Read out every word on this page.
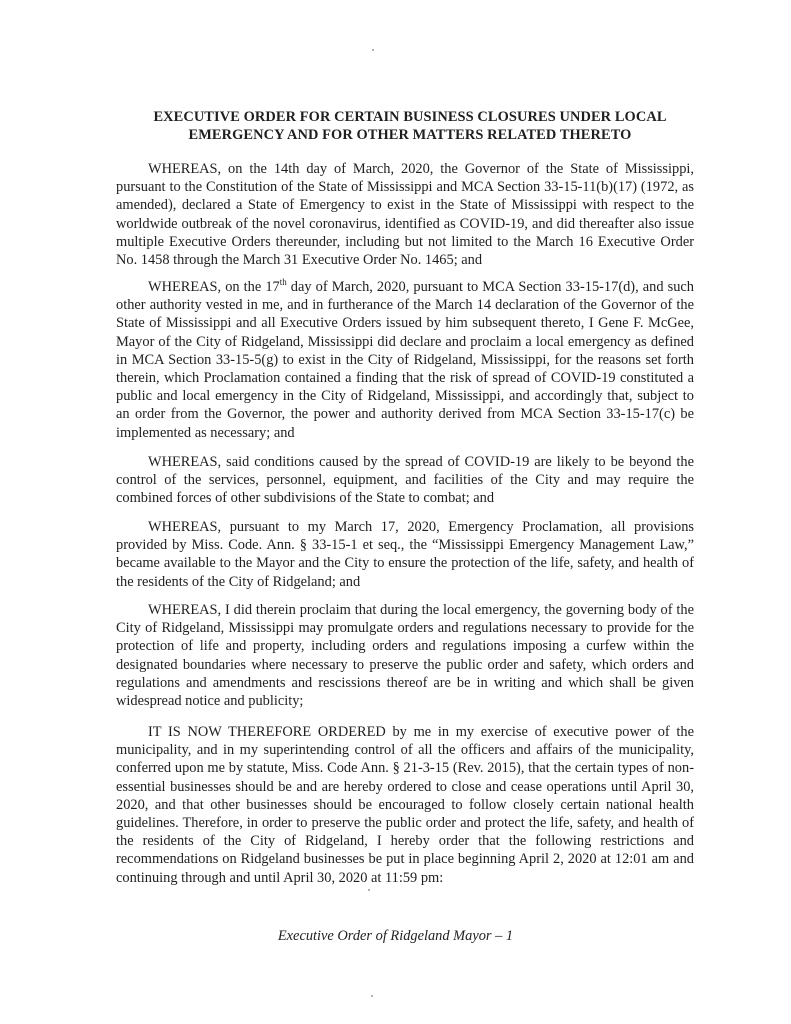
EXECUTIVE ORDER FOR CERTAIN BUSINESS CLOSURES UNDER LOCAL
EMERGENCY AND FOR OTHER MATTERS RELATED THERETO

WHEREAS, on the 14th day of March, 2020, the Governor of the State of Mississippi, pursuant to the Constitution of the State of Mississippi and MCA Section 33-15-11(b)(17) (1972, as amended), declared a State of Emergency to exist in the State of Mississippi with respect to the worldwide outbreak of the novel coronavirus, identified as COVID-19, and did thereafter also issue multiple Executive Orders thereunder, including but not limited to the March 16 Executive Order No. 1458 through the March 31 Executive Order No. 1465; and

WHEREAS, on the 17th day of March, 2020, pursuant to MCA Section 33-15-17(d), and such other authority vested in me, and in furtherance of the March 14 declaration of the Governor of the State of Mississippi and all Executive Orders issued by him subsequent thereto, I Gene F. McGee, Mayor of the City of Ridgeland, Mississippi did declare and proclaim a local emergency as defined in MCA Section 33-15-5(g) to exist in the City of Ridgeland, Mississippi, for the reasons set forth therein, which Proclamation contained a finding that the risk of spread of COVID-19 constituted a public and local emergency in the City of Ridgeland, Mississippi, and accordingly that, subject to an order from the Governor, the power and authority derived from MCA Section 33-15-17(c) be implemented as necessary; and

WHEREAS, said conditions caused by the spread of COVID-19 are likely to be beyond the control of the services, personnel, equipment, and facilities of the City and may require the combined forces of other subdivisions of the State to combat; and

WHEREAS, pursuant to my March 17, 2020, Emergency Proclamation, all provisions provided by Miss. Code. Ann. § 33-15-1 et seq., the “Mississippi Emergency Management Law,” became available to the Mayor and the City to ensure the protection of the life, safety, and health of the residents of the City of Ridgeland; and

WHEREAS, I did therein proclaim that during the local emergency, the governing body of the City of Ridgeland, Mississippi may promulgate orders and regulations necessary to provide for the protection of life and property, including orders and regulations imposing a curfew within the designated boundaries where necessary to preserve the public order and safety, which orders and regulations and amendments and rescissions thereof are be in writing and which shall be given widespread notice and publicity;

IT IS NOW THEREFORE ORDERED by me in my exercise of executive power of the municipality, and in my superintending control of all the officers and affairs of the municipality, conferred upon me by statute, Miss. Code Ann. § 21-3-15 (Rev. 2015), that the certain types of non-essential businesses should be and are hereby ordered to close and cease operations until April 30, 2020, and that other businesses should be encouraged to follow closely certain national health guidelines. Therefore, in order to preserve the public order and protect the life, safety, and health of the residents of the City of Ridgeland, I hereby order that the following restrictions and recommendations on Ridgeland businesses be put in place beginning April 2, 2020 at 12:01 am and continuing through and until April 30, 2020 at 11:59 pm:

Executive Order of Ridgeland Mayor – 1
